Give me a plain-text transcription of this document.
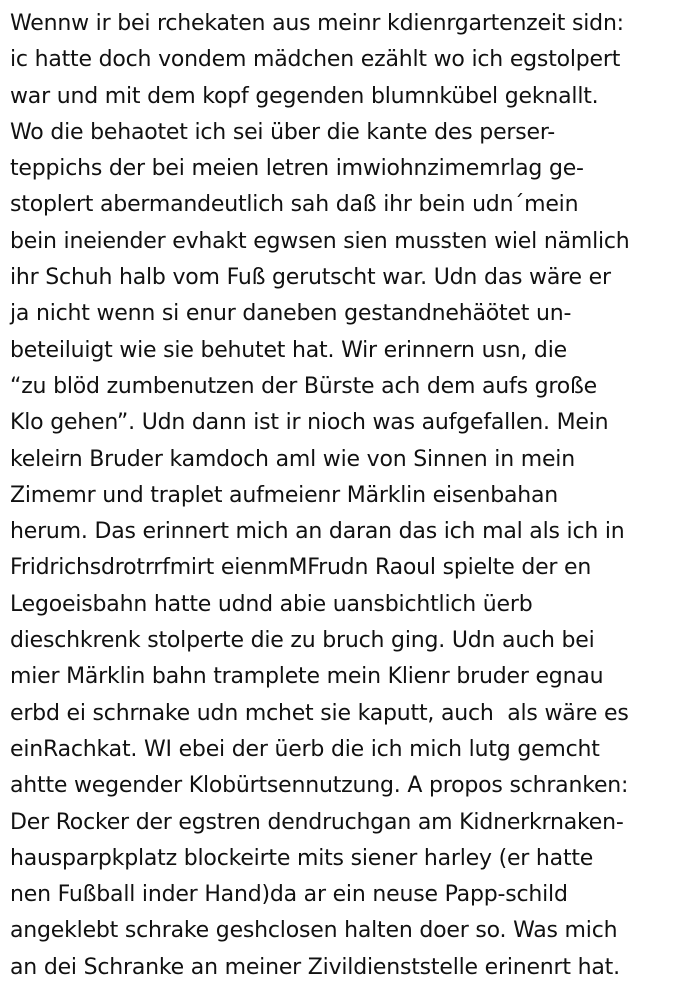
Wennw ir bei rchekaten aus meinr kdienrgartenzeit sidn:
ic hatte doch vondem mädchen ezählt wo ich egstolpert
war und mit dem kopf gegenden blumnkübel geknallt.
Wo die behaotet ich sei über die kante des perser-
teppichs der bei meien letren imwiohnzimemrlag ge-
stoplert abermandeutlich sah daß ihr bein udn´mein
bein ineiender evhakt egwsen sien mussten wiel nämlich
ihr Schuh halb vom Fuß gerutscht war. Udn das wäre er
ja nicht wenn si enur daneben gestandnehäötet un-
beteiluigt wie sie behutet hat. Wir erinnern usn, die
“zu blöd zumbenutzen der Bürste ach dem aufs große
Klo gehen”. Udn dann ist ir nioch was aufgefallen. Mein
keleirn Bruder kamdoch aml wie von Sinnen in mein
Zimemr und traplet aufmeienr Märklin eisenbahan
herum. Das erinnert mich an daran das ich mal als ich in
Fridrichsdrotrrfmirt eienmMFrudn Raoul spielte der en
Legoeisbahn hatte udnd abie uansbichtlich üerb
dieschkrenk stolperte die zu bruch ging. Udn auch bei
mier Märklin bahn tramplete mein Klienr bruder egnau
erbd ei schrnake udn mchet sie kaputt, auch  als wäre es
einRachkat. WI ebei der üerb die ich mich lutg gemcht
ahtte wegender Klobürtsennutzung. A propos schranken:
Der Rocker der egstren dendruchgan am Kidnerkrnaken-
hausparpkplatz blockeirte mits siener harley (er hatte
nen Fußball inder Hand)da ar ein neuse Papp-schild
angeklebt schrake geshclosen halten doer so. Was mich
an dei Schranke an meiner Zivildienststelle erinenrt hat.
